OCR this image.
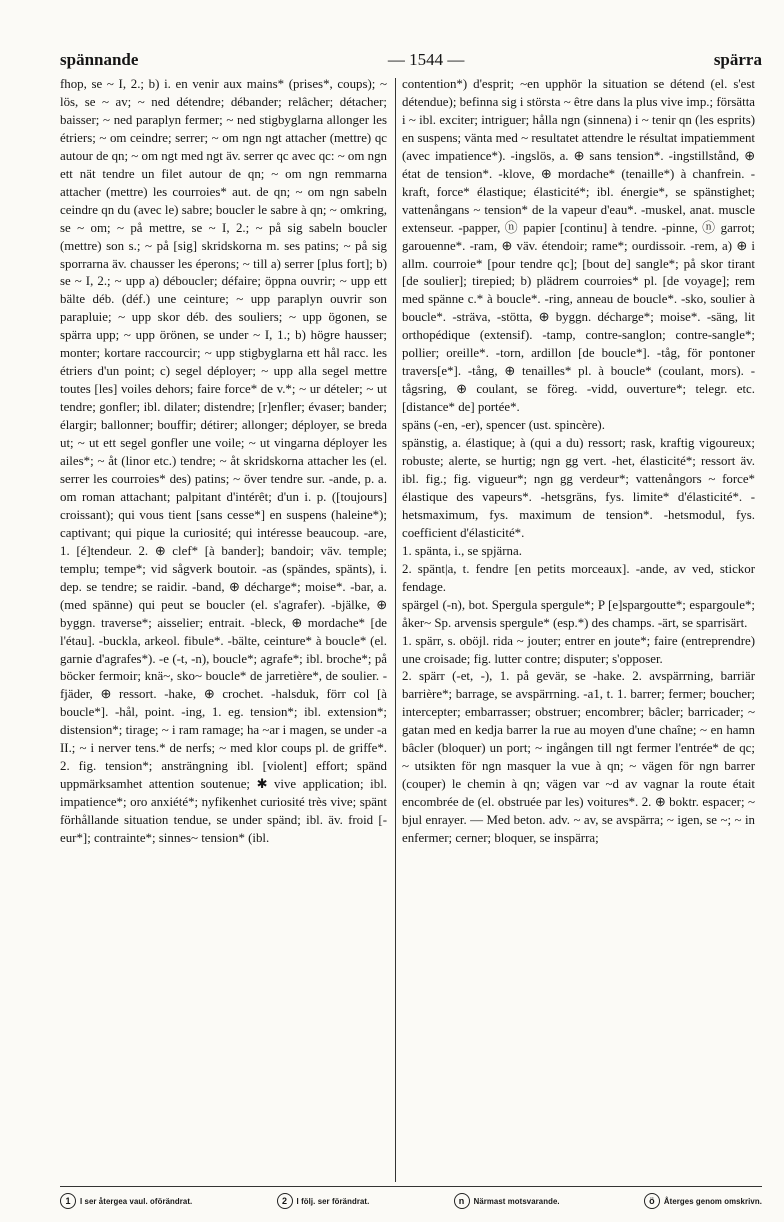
spännande	— 1544 —	spärra
fhop, se ~ I, 2.; b) i. en venir aux mains* (prises*, coups); ~ lös, se ~ av; ~ ned détendre; débander; relâcher; détacher; baisser; ~ ned paraplyn fermer; ~ ned stigbyglarna allonger les étriers; ~ om ceindre; serrer; ~ om ngn ngt attacher (mettre) qc autour de qn; ~ om ngt med ngt äv. serrer qc avec qc: ~ om ngn ett nät tendre un filet autour de qn; ~ om ngn remmarna attacher (mettre) les courroies* aut. de qn; ~ om ngn sabeln ceindre qn du (avec le) sabre; boucler le sabre à qn; ~ omkring, se ~ om; ~ på mettre, se ~ I, 2.; ~ på sig sabeln boucler (mettre) son s.; ~ på [sig] skridskorna m. ses patins; ~ på sig sporrarna äv. chausser les éperons; ~ till a) serrer [plus fort]; b) se ~ I, 2.; ~ upp a) déboucler; défaire; öppna ouvrir; ~ upp ett bälte déb. (déf.) une ceinture; ~ upp paraplyn ouvrir son parapluie; ~ upp skor déb. des souliers; ~ upp ögonen, se spärra upp; ~ upp örönen, se under ~ I, 1.; b) högre hausser; monter; kortare raccourcir; ~ upp stigbyglarna ett hål racc. les étriers d'un point; c) segel déployer; ~ upp alla segel mettre toutes [les] voiles dehors; faire force* de v.*; ~ ur dételer; ~ ut tendre; gonfler; ibl. dilater; distendre; [r]enfler; évaser; bander; élargir; ballonner; bouffir; détirer; allonger; déployer, se breda ut; ~ ut ett segel gonfler une voile; ~ ut vingarna déployer les ailes*; ~ åt (linor etc.) tendre; ~ åt skridskorna attacher les (el. serrer les courroies* des) patins; ~ över tendre sur. -ande, p. a. om roman attachant; palpitant d'intérêt; d'un i. p. ([toujours] croissant); qui vous tient [sans cesse*] en suspens (haleine*); captivant; qui pique la curiosité; qui intéresse beaucoup. -are, 1. [é]tendeur. 2. ⊕ clef* [à bander]; bandoir; väv. temple; templu; tempe*; vid sågverk boutoir. -as (spändes, spänts), i. dep. se tendre; se raidir. -band, ⊕ décharge*; moise*. -bar, a. (med spänne) qui peut se boucler (el. s'agrafer). -bjälke, ⊕ byggn. traverse*; aisselier; entrait. -bleck, ⊕ mordache* [de l'étau]. -buckla, arkeol. fibule*. -bälte, ceinture* à boucle* (el. garnie d'agrafes*). -e (-t, -n), boucle*; agrafe*; ibl. broche*; på böcker fermoir; knä~, sko~ boucle* de jarretière*, de soulier. -fjäder, ⊕ ressort. -hake, ⊕ crochet. -halsduk, förr col [à boucle*]. -hål, point. -ing, 1. eg. tension*; ibl. extension*; distension*; tirage; ~ i ram ramage; ha ~ar i magen, se under -a II.; ~ i nerver tens.* de nerfs; ~ med klor coups pl. de griffe*. 2. fig. tension*; ansträngning ibl. [violent] effort; spänd uppmärksamhet attention soutenue; ✱ vive application; ibl. impatience*; oro anxiété*; nyfikenhet curiosité très vive; spänt förhållande situation tendue, se under spänd; ibl. äv. froid [-eur*]; contrainte*; sinnes~ tension* (ibl.
contention*) d'esprit; ~en upphör la situation se détend (el. s'est détendue); befinna sig i största ~ être dans la plus vive imp.; försätta i ~ ibl. exciter; intriguer; hålla ngn (sinnena) i ~ tenir qn (les esprits) en suspens; vänta med ~ resultatet attendre le résultat impatiemment (avec impatience*). -ingslös, a. ⊕ sans tension*. -ingstillstånd, ⊕ état de tension*. -klove, ⊕ mordache* (tenaille*) à chanfrein. -kraft, force* élastique; élasticité*; ibl. énergie*, se spänstighet; vattenångans ~ tension* de la vapeur d'eau*. -muskel, anat. muscle extenseur. -papper, ⓝ papier [continu] à tendre. -pinne, ⓝ garrot; garouenne*. -ram, ⊕ väv. étendoir; rame*; ourdissoir. -rem, a) ⊕ i allm. courroie* [pour tendre qc]; [bout de] sangle*; på skor tirant [de soulier]; tirepied; b) plädrem courroies* pl. [de voyage]; rem med spänne c.* à boucle*. -ring, anneau de boucle*. -sko, soulier à boucle*. -sträva, -stötta, ⊕ byggn. décharge*; moise*. -säng, lit orthopédique (extensif). -tamp, contre-sanglon; contre-sangle*; pollier; oreille*. -torn, ardillon [de boucle*]. -tåg, för pontoner travers[e*]. -tång, ⊕ tenailles* pl. à boucle* (coulant, mors). -tågsring, ⊕ coulant, se föreg. -vidd, ouverture*; telegr. etc. [distance* de] portée*.
späns (-en, -er), spencer (ust. spincère).
spänstig, a. élastique; à (qui a du) ressort; rask, kraftig vigoureux; robuste; alerte, se hurtig; ngn gg vert. -het, élasticité*; ressort äv. ibl. fig.; fig. vigueur*; ngn gg verdeur*; vattenångors ~ force* élastique des vapeurs*. -hetsgräns, fys. limite* d'élasticité*. -hetsmaximum, fys. maximum de tension*. -hetsmodul, fys. coefficient d'élasticité*.
1. spänta, i., se spjärna.
2. spänt|a, t. fendre [en petits morceaux]. -ande, av ved, stickor fendage.
spärgel (-n), bot. Spergula spergule*; P [e]spargoutte*; espargoule*; åker~ Sp. arvensis spergule* (esp.*) des champs. -ärt, se sparrisärt.
1. spärr, s. oböjl. rida ~ jouter; entrer en joute*; faire (entreprendre) une croisade; fig. lutter contre; disputer; s'opposer.
2. spärr (-et, -), 1. på gevär, se -hake. 2. avspärrning, barriär barrière*; barrage, se avspärrning. -a1, t. 1. barrer; fermer; boucher; intercepter; embarrasser; obstruer; encombrer; bâcler; barricader; ~ gatan med en kedja barrer la rue au moyen d'une chaîne; ~ en hamn bâcler (bloquer) un port; ~ ingången till ngt fermer l'entrée* de qc; ~ utsikten för ngn masquer la vue à qn; ~ vägen för ngn barrer (couper) le chemin à qn; vägen var ~d av vagnar la route était encombrée de (el. obstruée par les) voitures*. 2. ⊕ boktr. espacer; ~ bjul enrayer. — Med beton. adv. ~ av, se avspärra; ~ igen, se ~; ~ in enfermer; cerner; bloquer, se inspärra;
1	I ser återgea vaul. oförändrat.	2	I följ. ser förändrat.	n	Närmast motsvarande.	ö	Återges genom omskrivn.
